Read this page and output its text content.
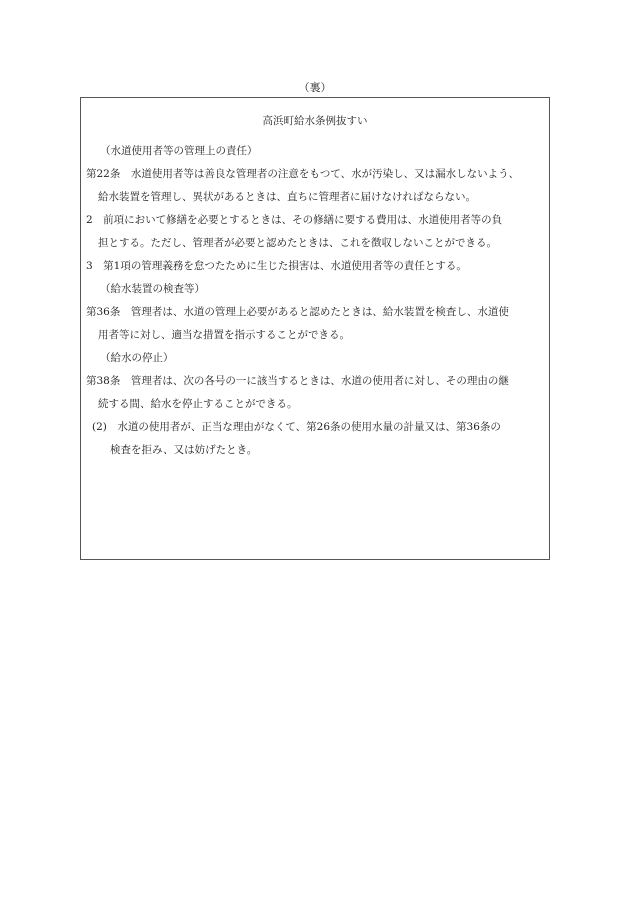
（裏）
高浜町給水条例抜すい
（水道使用者等の管理上の責任）
第22条　水道使用者等は善良な管理者の注意をもつて、水が汚染し、又は漏水しないよう、
給水装置を管理し、異状があるときは、直ちに管理者に届けなければならない。
2　前項において修繕を必要とするときは、その修繕に要する費用は、水道使用者等の負
担とする。ただし、管理者が必要と認めたときは、これを徴収しないことができる。
3　第1項の管理義務を怠つたために生じた損害は、水道使用者等の責任とする。
（給水装置の検査等）
第36条　管理者は、水道の管理上必要があると認めたときは、給水装置を検査し、水道使
用者等に対し、適当な措置を指示することができる。
（給水の停止）
第38条　管理者は、次の各号の一に該当するときは、水道の使用者に対し、その理由の継
続する間、給水を停止することができる。
(2)　水道の使用者が、正当な理由がなくて、第26条の使用水量の計量又は、第36条の
検査を拒み、又は妨げたとき。
